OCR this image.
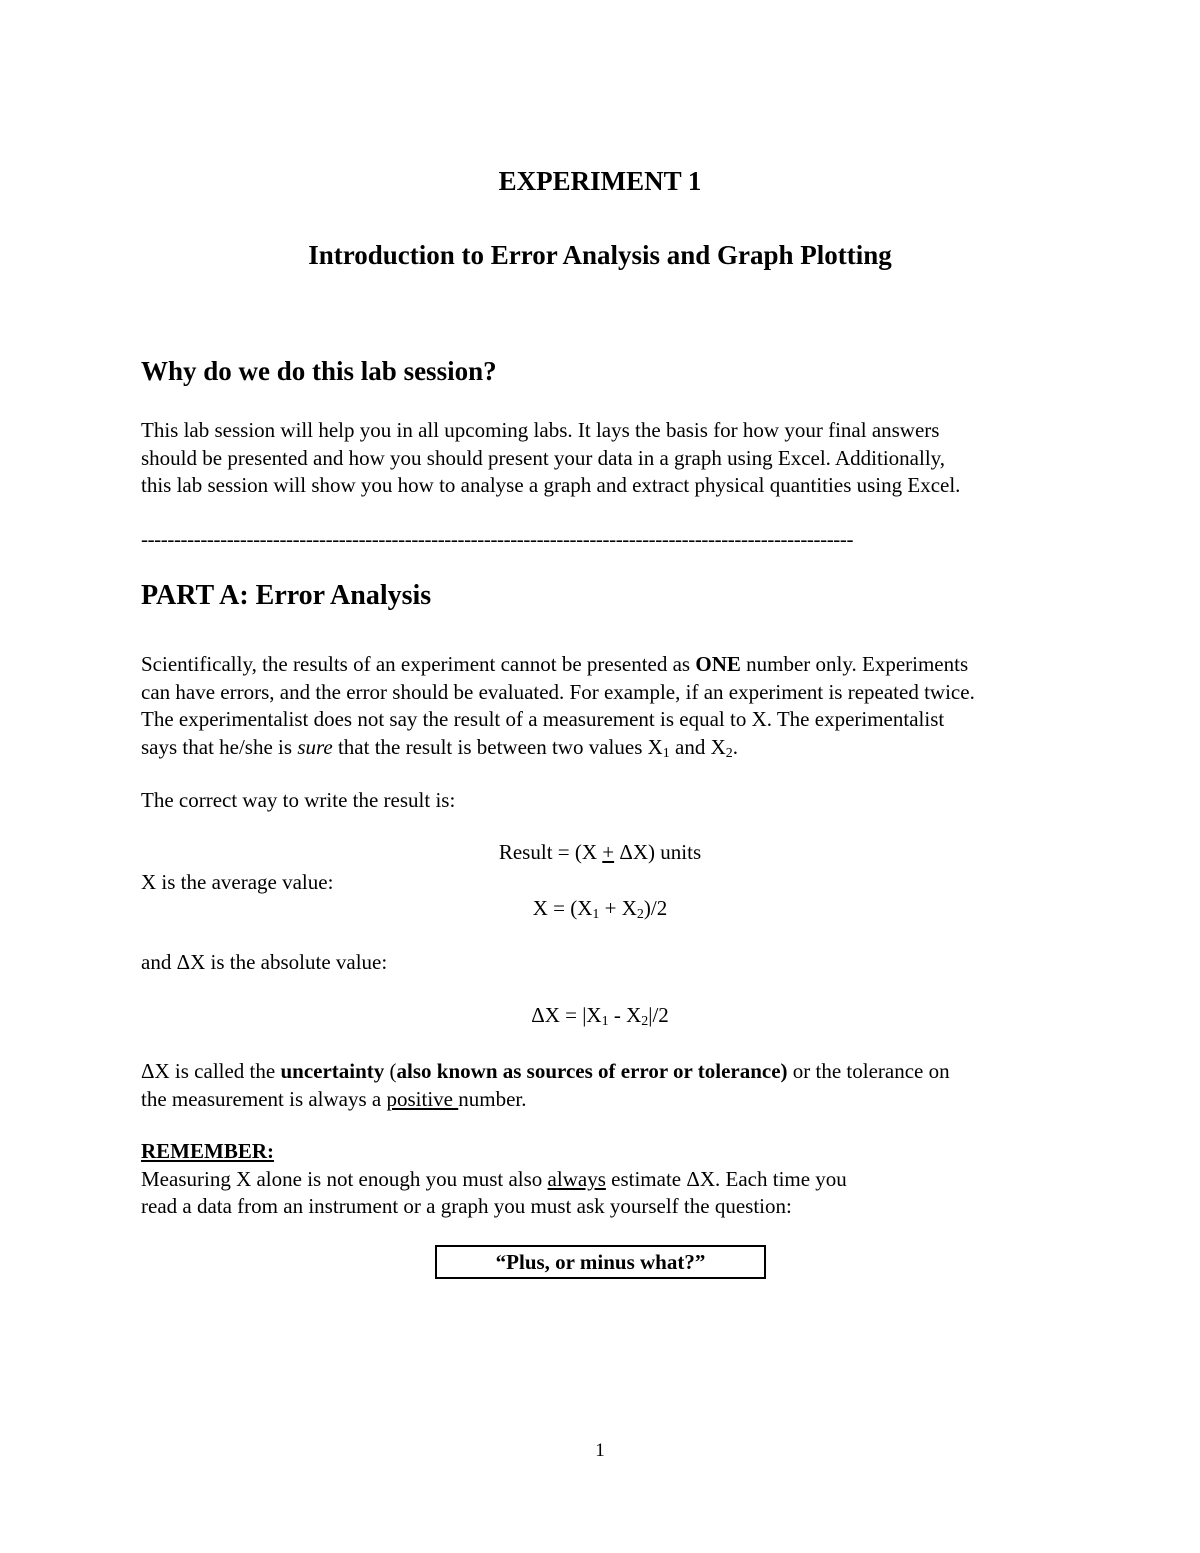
EXPERIMENT 1
Introduction to Error Analysis and Graph Plotting
Why do we do this lab session?
This lab session will help you in all upcoming labs. It lays the basis for how your final answers
should be presented and how you should present your data in a graph using Excel. Additionally,
this lab session will show you how to analyse a graph and extract physical quantities using Excel.
------------------------------------------------------------------------------------------------------------
PART A: Error Analysis
Scientifically, the results of an experiment cannot be presented as ONE number only. Experiments
can have errors, and the error should be evaluated. For example, if an experiment is repeated twice.
The experimentalist does not say the result of a measurement is equal to X. The experimentalist
says that he/she is sure that the result is between two values $X_1$ and $X_2$.
The correct way to write the result is:
Result = (X + ΔX) units
X is the average value:
$X = (X_1 + X_2)/2$
and ΔX is the absolute value:
$\Delta X = |X_1 - X_2|/2$
ΔX is called the uncertainty (also known as sources of error or tolerance) or the tolerance on
the measurement is always a positive number.
REMEMBER:
Measuring X alone is not enough you must also always estimate ΔX. Each time you
read a data from an instrument or a graph you must ask yourself the question:
“Plus, or minus what?”
1
